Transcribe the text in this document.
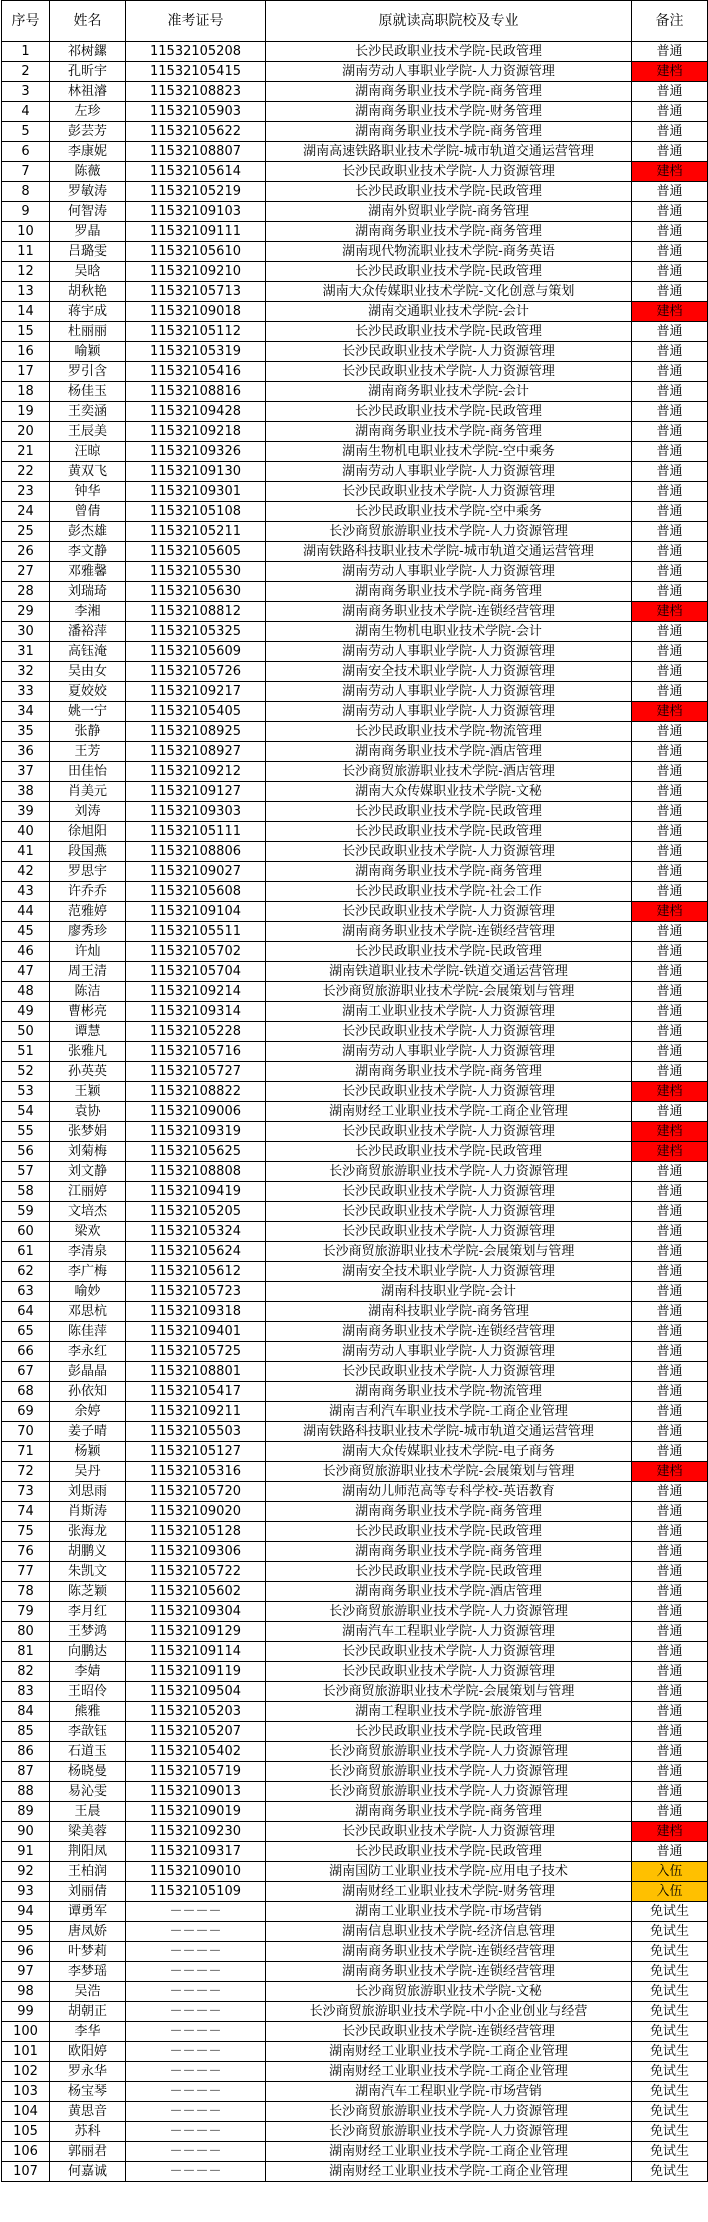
序号	姓名	准考证号	原就读高职院校及专业	备注
1	祁树鏍	11532105208	长沙民政职业技术学院-民政管理	普通
2	孔昕宇	11532105415	湖南劳动人事职业学院-人力资源管理	建档
3	林祖濬	11532108823	湖南商务职业技术学院-商务管理	普通
4	左珍	11532105903	湖南商务职业技术学院-财务管理	普通
5	彭芸芳	11532105622	湖南商务职业技术学院-商务管理	普通
6	李康妮	11532108807	湖南高速铁路职业技术学院-城市轨道交通运营管理	普通
7	陈薇	11532105614	长沙民政职业技术学院-人力资源管理	建档
8	罗敏涛	11532105219	长沙民政职业技术学院-民政管理	普通
9	何智涛	11532109103	湖南外贸职业学院-商务管理	普通
10	罗晶	11532109111	湖南商务职业技术学院-商务管理	普通
11	吕璐雯	11532105610	湖南现代物流职业技术学院-商务英语	普通
12	吴晗	11532109210	长沙民政职业技术学院-民政管理	普通
13	胡秋艳	11532105713	湖南大众传媒职业技术学院-文化创意与策划	普通
14	蒋宇成	11532109018	湖南交通职业技术学院-会计	建档
15	杜丽丽	11532105112	长沙民政职业技术学院-民政管理	普通
16	喻颖	11532105319	长沙民政职业技术学院-人力资源管理	普通
17	罗引含	11532105416	长沙民政职业技术学院-人力资源管理	普通
18	杨佳玉	11532108816	湖南商务职业技术学院-会计	普通
19	王奕涵	11532109428	长沙民政职业技术学院-民政管理	普通
20	王辰美	11532109218	湖南商务职业技术学院-商务管理	普通
21	汪晾	11532109326	湖南生物机电职业技术学院-空中乘务	普通
22	黄双飞	11532109130	湖南劳动人事职业学院-人力资源管理	普通
23	钟华	11532109301	长沙民政职业技术学院-人力资源管理	普通
24	曾倩	11532105108	长沙民政职业技术学院-空中乘务	普通
25	彭杰雄	11532105211	长沙商贸旅游职业技术学院-人力资源管理	普通
26	李文静	11532105605	湖南铁路科技职业技术学院-城市轨道交通运营管理	普通
27	邓雅馨	11532105530	湖南劳动人事职业学院-人力资源管理	普通
28	刘瑞琦	11532105630	湖南商务职业技术学院-商务管理	普通
29	李湘	11532108812	湖南商务职业技术学院-连锁经营管理	建档
30	潘裕萍	11532105325	湖南生物机电职业技术学院-会计	普通
31	高钰淹	11532105609	湖南劳动人事职业学院-人力资源管理	普通
32	吴由女	11532105726	湖南安全技术职业学院-人力资源管理	普通
33	夏姣姣	11532109217	湖南劳动人事职业学院-人力资源管理	普通
34	姚一宁	11532105405	湖南劳动人事职业学院-人力资源管理	建档
35	张静	11532108925	长沙民政职业技术学院-物流管理	普通
36	王芳	11532108927	湖南商务职业技术学院-酒店管理	普通
37	田佳怡	11532109212	长沙商贸旅游职业技术学院-酒店管理	普通
38	肖美元	11532109127	湖南大众传媒职业技术学院-文秘	普通
39	刘涛	11532109303	长沙民政职业技术学院-民政管理	普通
40	徐旭阳	11532105111	长沙民政职业技术学院-民政管理	普通
41	段国燕	11532108806	长沙民政职业技术学院-人力资源管理	普通
42	罗思宇	11532109027	湖南商务职业技术学院-商务管理	普通
43	许乔乔	11532105608	长沙民政职业技术学院-社会工作	普通
44	范雅婷	11532109104	长沙民政职业技术学院-人力资源管理	建档
45	廖秀珍	11532105511	湖南商务职业技术学院-连锁经营管理	普通
46	许灿	11532105702	长沙民政职业技术学院-民政管理	普通
47	周王清	11532105704	湖南铁道职业技术学院-铁道交通运营管理	普通
48	陈洁	11532109214	长沙商贸旅游职业技术学院-会展策划与管理	普通
49	曹彬亮	11532109314	湖南工业职业技术学院-人力资源管理	普通
50	谭慧	11532105228	长沙民政职业技术学院-人力资源管理	普通
51	张雅凡	11532105716	湖南劳动人事职业学院-人力资源管理	普通
52	孙英英	11532105727	湖南商务职业技术学院-商务管理	普通
53	王颖	11532108822	长沙民政职业技术学院-人力资源管理	建档
54	袁协	11532109006	湖南财经工业职业技术学院-工商企业管理	普通
55	张梦娟	11532109319	长沙民政职业技术学院-人力资源管理	建档
56	刘菊梅	11532105625	长沙民政职业技术学院-民政管理	建档
57	刘文静	11532108808	长沙商贸旅游职业技术学院-人力资源管理	普通
58	江丽婷	11532109419	长沙民政职业技术学院-人力资源管理	普通
59	文培杰	11532105205	长沙民政职业技术学院-人力资源管理	普通
60	梁欢	11532105324	长沙民政职业技术学院-人力资源管理	普通
61	李清泉	11532105624	长沙商贸旅游职业技术学院-会展策划与管理	普通
62	李广梅	11532105612	湖南安全技术职业学院-人力资源管理	普通
63	喻妙	11532105723	湖南科技职业学院-会计	普通
64	邓思杭	11532109318	湖南科技职业学院-商务管理	普通
65	陈佳萍	11532109401	湖南商务职业技术学院-连锁经营管理	普通
66	李永红	11532105725	湖南劳动人事职业学院-人力资源管理	普通
67	彭晶晶	11532108801	长沙民政职业技术学院-人力资源管理	普通
68	孙依知	11532105417	湖南商务职业技术学院-物流管理	普通
69	余婷	11532109211	湖南吉利汽车职业技术学院-工商企业管理	普通
70	姜子晴	11532105503	湖南铁路科技职业技术学院-城市轨道交通运营管理	普通
71	杨颖	11532105127	湖南大众传媒职业技术学院-电子商务	普通
72	吴丹	11532105316	长沙商贸旅游职业技术学院-会展策划与管理	建档
73	刘思雨	11532105720	湖南幼儿师范高等专科学校-英语教育	普通
74	肖斯涛	11532109020	湖南商务职业技术学院-商务管理	普通
75	张海龙	11532105128	长沙民政职业技术学院-民政管理	普通
76	胡鹏义	11532109306	湖南商务职业技术学院-商务管理	普通
77	朱凯文	11532105722	长沙民政职业技术学院-民政管理	普通
78	陈芝颖	11532105602	湖南商务职业技术学院-酒店管理	普通
79	李月红	11532109304	长沙商贸旅游职业技术学院-人力资源管理	普通
80	王梦鸿	11532109129	湖南汽车工程职业学院-人力资源管理	普通
81	向鹏达	11532109114	长沙民政职业技术学院-人力资源管理	普通
82	李婧	11532109119	长沙民政职业技术学院-人力资源管理	普通
83	王昭伶	11532109504	长沙商贸旅游职业技术学院-会展策划与管理	普通
84	熊雅	11532105203	湖南工程职业技术学院-旅游管理	普通
85	李歆钰	11532105207	长沙民政职业技术学院-民政管理	普通
86	石道玉	11532105402	长沙商贸旅游职业技术学院-人力资源管理	普通
87	杨晓曼	11532105719	长沙商贸旅游职业技术学院-人力资源管理	普通
88	易沁雯	11532109013	长沙商贸旅游职业技术学院-人力资源管理	普通
89	王晨	11532109019	湖南商务职业技术学院-商务管理	普通
90	梁美蓉	11532109230	长沙民政职业技术学院-人力资源管理	建档
91	荆阳凤	11532109317	长沙民政职业技术学院-民政管理	普通
92	王柏润	11532109010	湖南国防工业职业技术学院-应用电子技术	入伍
93	刘丽倩	11532105109	湖南财经工业职业技术学院-财务管理	入伍
94	谭勇军	－－－－	湖南工业职业技术学院-市场营销	免试生
95	唐凤娇	－－－－	湖南信息职业技术学院-经济信息管理	免试生
96	叶梦莉	－－－－	湖南商务职业技术学院-连锁经营管理	免试生
97	李梦瑶	－－－－	湖南商务职业技术学院-连锁经营管理	免试生
98	吴浩	－－－－	长沙商贸旅游职业技术学院-文秘	免试生
99	胡朝正	－－－－	长沙商贸旅游职业技术学院-中小企业创业与经营	免试生
100	李华	－－－－	长沙民政职业技术学院-连锁经营管理	免试生
101	欧阳婷	－－－－	湖南财经工业职业技术学院-工商企业管理	免试生
102	罗永华	－－－－	湖南财经工业职业技术学院-工商企业管理	免试生
103	杨宝琴	－－－－	湖南汽车工程职业学院-市场营销	免试生
104	黄思音	－－－－	长沙商贸旅游职业技术学院-人力资源管理	免试生
105	苏科	－－－－	长沙商贸旅游职业技术学院-人力资源管理	免试生
106	郭丽君	－－－－	湖南财经工业职业技术学院-工商企业管理	免试生
107	何嘉诚	－－－－	湖南财经工业职业技术学院-工商企业管理	免试生
